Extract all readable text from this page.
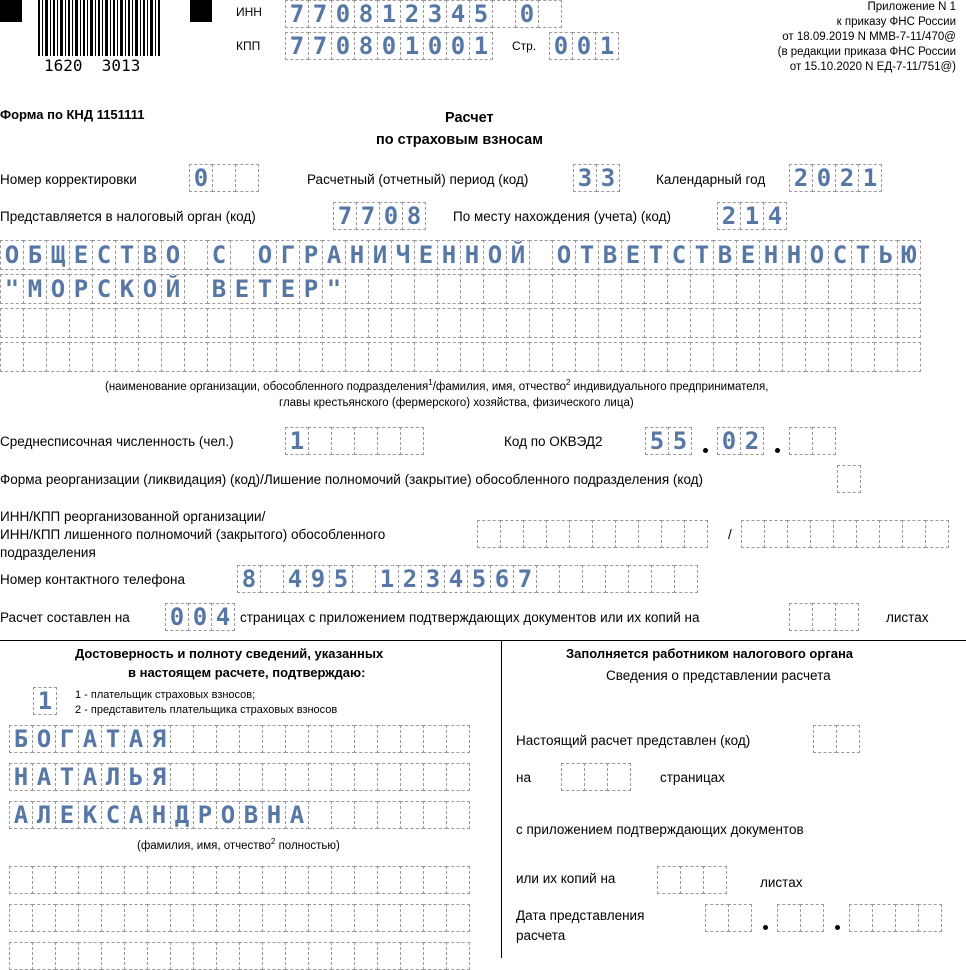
1620  3013
ИНН 7 7 0 8 1 2 3 4 5 0
КПП 7 7 0 8 0 1 0 0 1	Стр. 0 0 1
Приложение N 1
к приказу ФНС России
от 18.09.2019 N ММВ-7-11/470@
(в редакции приказа ФНС России
от 15.10.2020 N ЕД-7-11/751@)
Форма по КНД 1151111	Расчет
по страховым взносам
Номер корректировки 0	Расчетный (отчетный) период (код) 3 3	Календарный год 2 0 2 1
Представляется в налоговый орган (код)	7 7 0 8	По месту нахождения (учета) (код) 2 1 4
О Б Щ Е С Т В О С О Г Р А Н И Ч Е Н Н О Й О Т В Е Т С Т В Е Н Н О С Т Ь Ю
" М О Р С К О Й В Е Т Е Р "
(наименование организации, обособленного подразделения$^1$/фамилия, имя, отчество$^2$ индивидуального предпринимателя,
главы крестьянского (фермерского) хозяйства, физического лица)
Среднесписочная численность (чел.) 1	Код по ОКВЭД2 5 5 0 2
Форма реорганизации (ликвидация) (код)/Лишение полномочий (закрытие) обособленного подразделения (код)
ИНН/КПП реорганизованной организации/
ИНН/КПП лишенного полномочий (закрытого) обособленного
подразделения
/
Номер контактного телефона 8 4 9 5 1 2 3 4 5 6 7
Расчет составлен на 0 0 4 страницах с приложением подтверждающих документов или их копий на	листах
Достоверность и полноту сведений, указанных
в настоящем расчете, подтверждаю:
1	1 - плательщик страховых взносов;
2 - представитель плательщика страховых взносов
Б О Г А Т А Я
Н А Т А Л Ь Я
А Л Е К С А Н Д Р О В Н А
(фамилия, имя, отчество$^2$ полностью)
Заполняется работником налогового органа
Сведения о представлении расчета
Настоящий расчет представлен (код)
на	страницах
с приложением подтверждающих документов
или их копий на	листах
Дата представления
расчета
